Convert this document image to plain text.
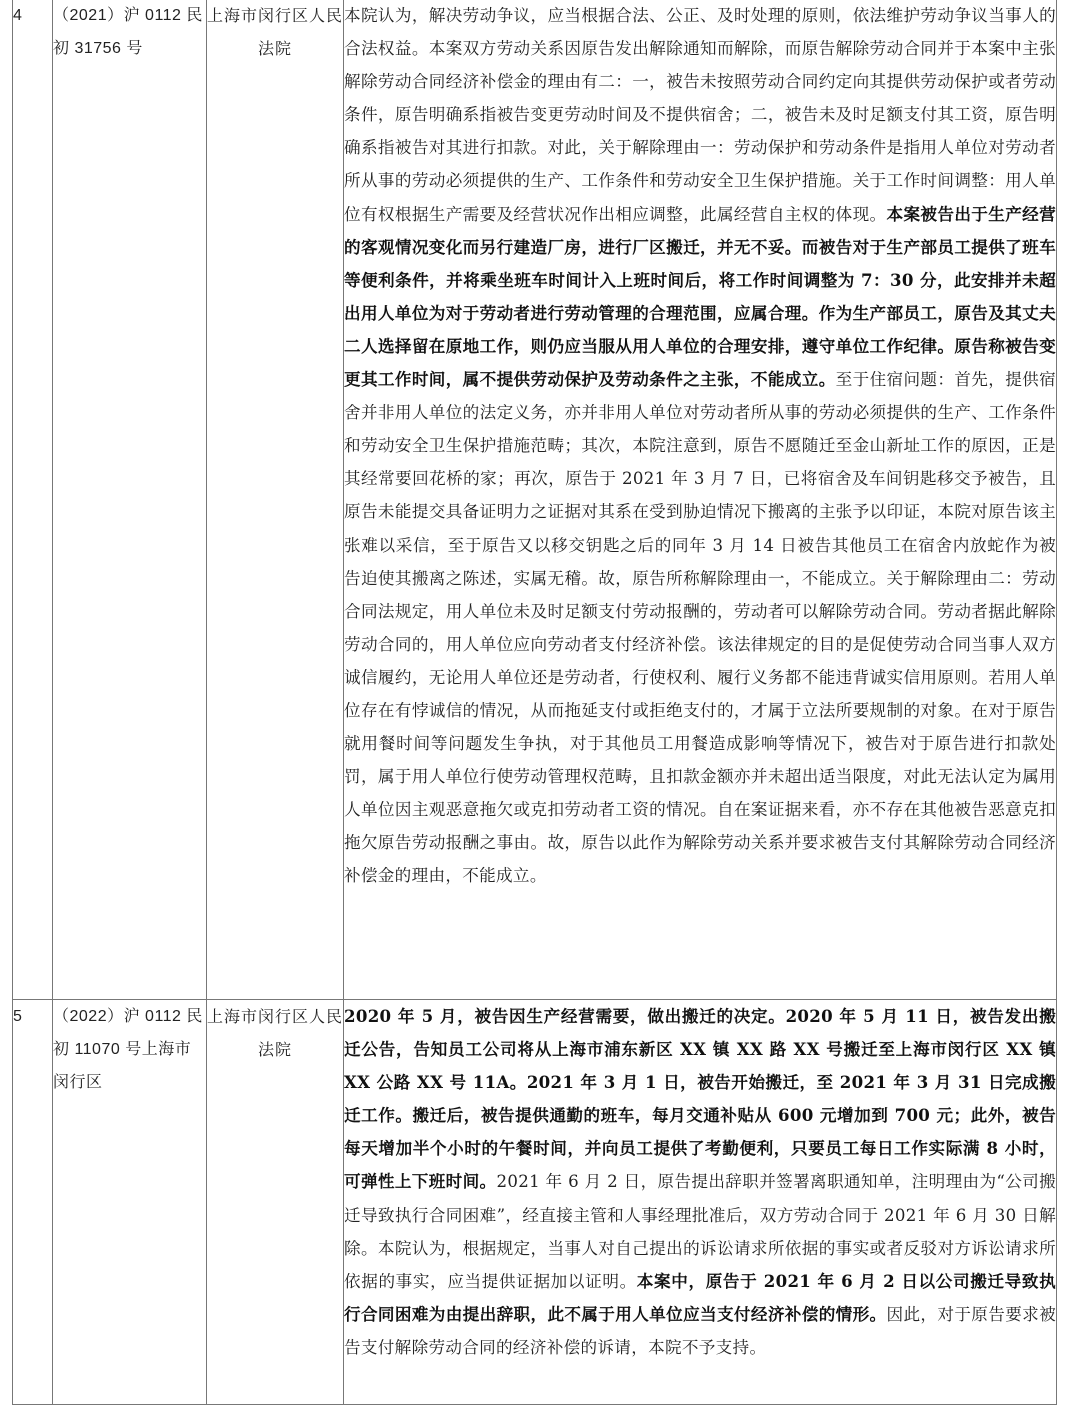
4	（2021）沪 0112 民初 31756 号	上海市闵行区人民法院	本院认为，解决劳动争议，应当根据合法、公正、及时处理的原则，依法维护劳动争议当事人的合法权益。本案双方劳动关系因原告发出解除通知而解除，而原告解除劳动合同并于本案中主张解除劳动合同经济补偿金的理由有二：一，被告未按照劳动合同约定向其提供劳动保护或者劳动条件，原告明确系指被告变更劳动时间及不提供宿舍；二，被告未及时足额支付其工资，原告明确系指被告对其进行扣款。对此，关于解除理由一：劳动保护和劳动条件是指用人单位对劳动者所从事的劳动必须提供的生产、工作条件和劳动安全卫生保护措施。关于工作时间调整：用人单位有权根据生产需要及经营状况作出相应调整，此属经营自主权的体现。本案被告出于生产经营的客观情况变化而另行建造厂房，进行厂区搬迁，并无不妥。而被告对于生产部员工提供了班车等便利条件，并将乘坐班车时间计入上班时间后，将工作时间调整为 7：30 分，此安排并未超出用人单位为对于劳动者进行劳动管理的合理范围，应属合理。作为生产部员工，原告及其丈夫二人选择留在原地工作，则仍应当服从用人单位的合理安排，遵守单位工作纪律。原告称被告变更其工作时间，属不提供劳动保护及劳动条件之主张，不能成立。至于住宿问题：首先，提供宿舍并非用人单位的法定义务，亦并非用人单位对劳动者所从事的劳动必须提供的生产、工作条件和劳动安全卫生保护措施范畴；其次，本院注意到，原告不愿随迁至金山新址工作的原因，正是其经常要回花桥的家；再次，原告于 2021 年 3 月 7 日，已将宿舍及车间钥匙移交予被告，且原告未能提交具备证明力之证据对其系在受到胁迫情况下搬离的主张予以印证，本院对原告该主张难以采信，至于原告又以移交钥匙之后的同年 3 月 14 日被告其他员工在宿舍内放蛇作为被告迫使其搬离之陈述，实属无稽。故，原告所称解除理由一，不能成立。关于解除理由二：劳动合同法规定，用人单位未及时足额支付劳动报酬的，劳动者可以解除劳动合同。劳动者据此解除劳动合同的，用人单位应向劳动者支付经济补偿。该法律规定的目的是促使劳动合同当事人双方诚信履约，无论用人单位还是劳动者，行使权利、履行义务都不能违背诚实信用原则。若用人单位存在有悖诚信的情况，从而拖延支付或拒绝支付的，才属于立法所要规制的对象。在对于原告就用餐时间等问题发生争执，对于其他员工用餐造成影响等情况下，被告对于原告进行扣款处罚，属于用人单位行使劳动管理权范畴，且扣款金额亦并未超出适当限度，对此无法认定为属用人单位因主观恶意拖欠或克扣劳动者工资的情况。自在案证据来看，亦不存在其他被告恶意克扣拖欠原告劳动报酬之事由。故，原告以此作为解除劳动关系并要求被告支付其解除劳动合同经济补偿金的理由，不能成立。
5	（2022）沪 0112 民初 11070 号上海市闵行区	上海市闵行区人民法院	2020 年 5 月，被告因生产经营需要，做出搬迁的决定。2020 年 5 月 11 日，被告发出搬迁公告，告知员工公司将从上海市浦东新区 XX 镇 XX 路 XX 号搬迁至上海市闵行区 XX 镇 XX 公路 XX 号 11A。2021 年 3 月 1 日，被告开始搬迁，至 2021 年 3 月 31 日完成搬迁工作。搬迁后，被告提供通勤的班车，每月交通补贴从 600 元增加到 700 元；此外，被告每天增加半个小时的午餐时间，并向员工提供了考勤便利，只要员工每日工作实际满 8 小时，可弹性上下班时间。2021 年 6 月 2 日，原告提出辞职并签署离职通知单，注明理由为“公司搬迁导致执行合同困难”，经直接主管和人事经理批准后，双方劳动合同于 2021 年 6 月 30 日解除。本院认为，根据规定，当事人对自己提出的诉讼请求所依据的事实或者反驳对方诉讼请求所依据的事实，应当提供证据加以证明。本案中，原告于 2021 年 6 月 2 日以公司搬迁导致执行合同困难为由提出辞职，此不属于用人单位应当支付经济补偿的情形。因此，对于原告要求被告支付解除劳动合同的经济补偿的诉请，本院不予支持。
